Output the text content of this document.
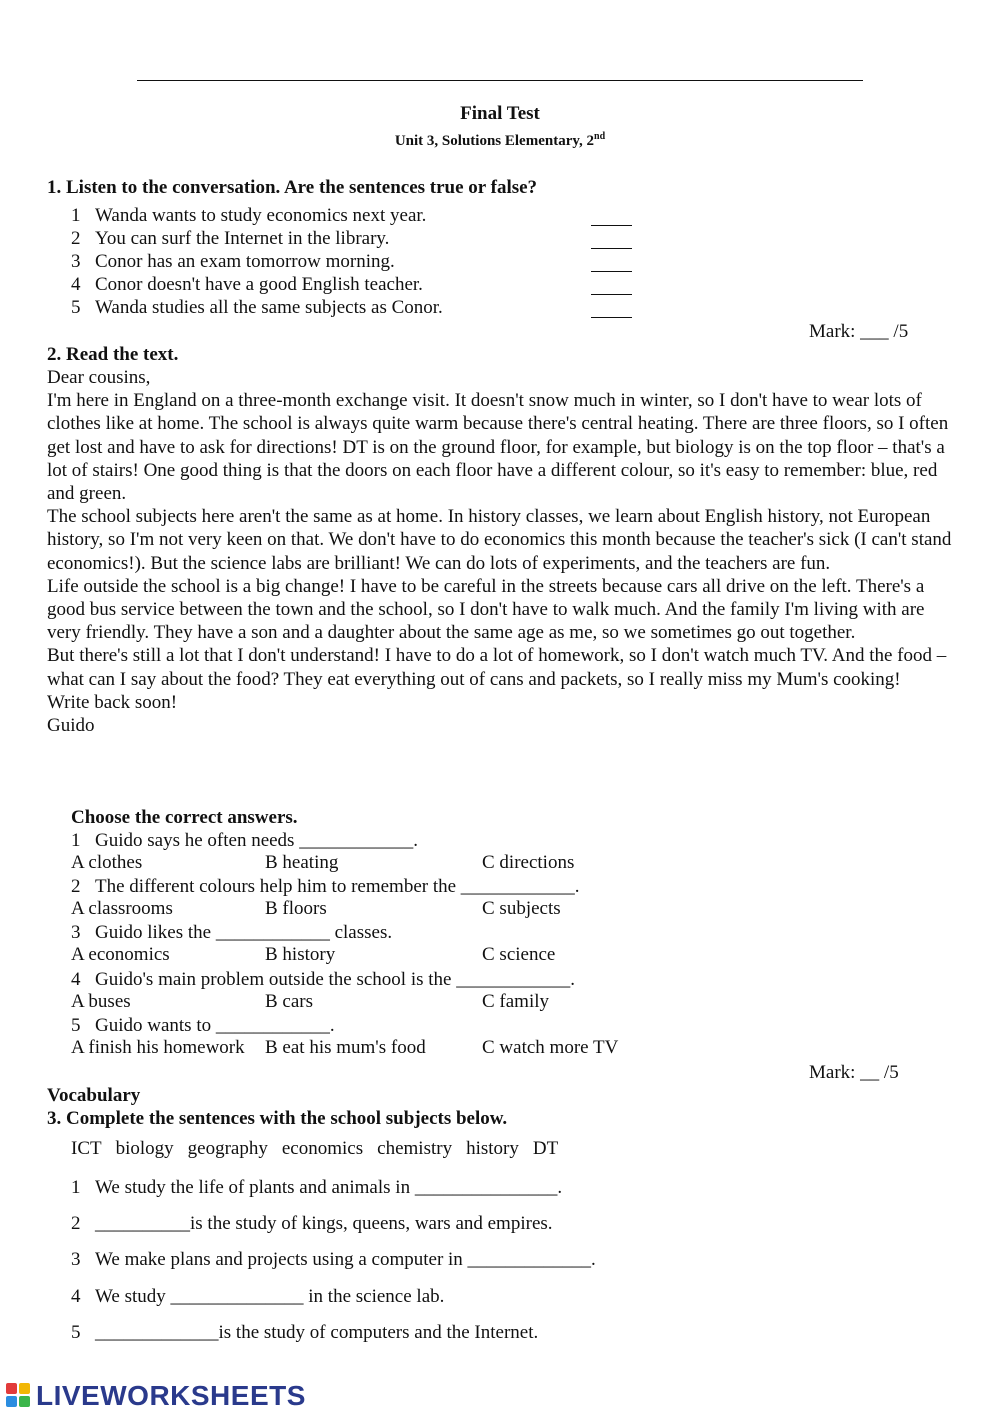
Final Test
Unit 3, Solutions Elementary, 2nd
1. Listen to the conversation. Are the sentences true or false?
1 Wanda wants to study economics next year.
2 You can surf the Internet in the library.
3 Conor has an exam tomorrow morning.
4 Conor doesn't have a good English teacher.
5 Wanda studies all the same subjects as Conor.
Mark: ___ /5
2. Read the text.

Dear cousins,

I'm here in England on a three-month exchange visit. It doesn't snow much in winter, so I don't have to wear lots of clothes like at home. The school is always quite warm because there's central heating. There are three floors, so I often get lost and have to ask for directions! DT is on the ground floor, for example, but biology is on the top floor – that's a lot of stairs! One good thing is that the doors on each floor have a different colour, so it's easy to remember: blue, red and green.

The school subjects here aren't the same as at home. In history classes, we learn about English history, not European history, so I'm not very keen on that. We don't have to do economics this month because the teacher's sick (I can't stand economics!). But the science labs are brilliant! We can do lots of experiments, and the teachers are fun.

Life outside the school is a big change! I have to be careful in the streets because cars all drive on the left. There's a good bus service between the town and the school, so I don't have to walk much. And the family I'm living with are very friendly. They have a son and a daughter about the same age as me, so we sometimes go out together.

But there's still a lot that I don't understand! I have to do a lot of homework, so I don't watch much TV. And the food – what can I say about the food? They eat everything out of cans and packets, so I really miss my Mum's cooking!

Write back soon!

Guido

Choose the correct answers.
1 Guido says he often needs ____________.
A clothes	B heating	C directions
2 The different colours help him to remember the ____________.
A classrooms	B floors	C subjects
3 Guido likes the ____________ classes.
A economics	B history	C science
4 Guido's main problem outside the school is the ____________.
A buses	B cars	C family
5 Guido wants to ____________.
A finish his homework B eat his mum's food	C watch more TV
Mark: __ /5
Vocabulary
3. Complete the sentences with the school subjects below.
ICT biology geography economics chemistry history DT
1 We study the life of plants and animals in _______________.
2 __________is the study of kings, queens, wars and empires.
3 We make plans and projects using a computer in _____________.
4 We study ______________ in the science lab.
5 _____________is the study of computers and the Internet.
LIVEWORKSHEETS
